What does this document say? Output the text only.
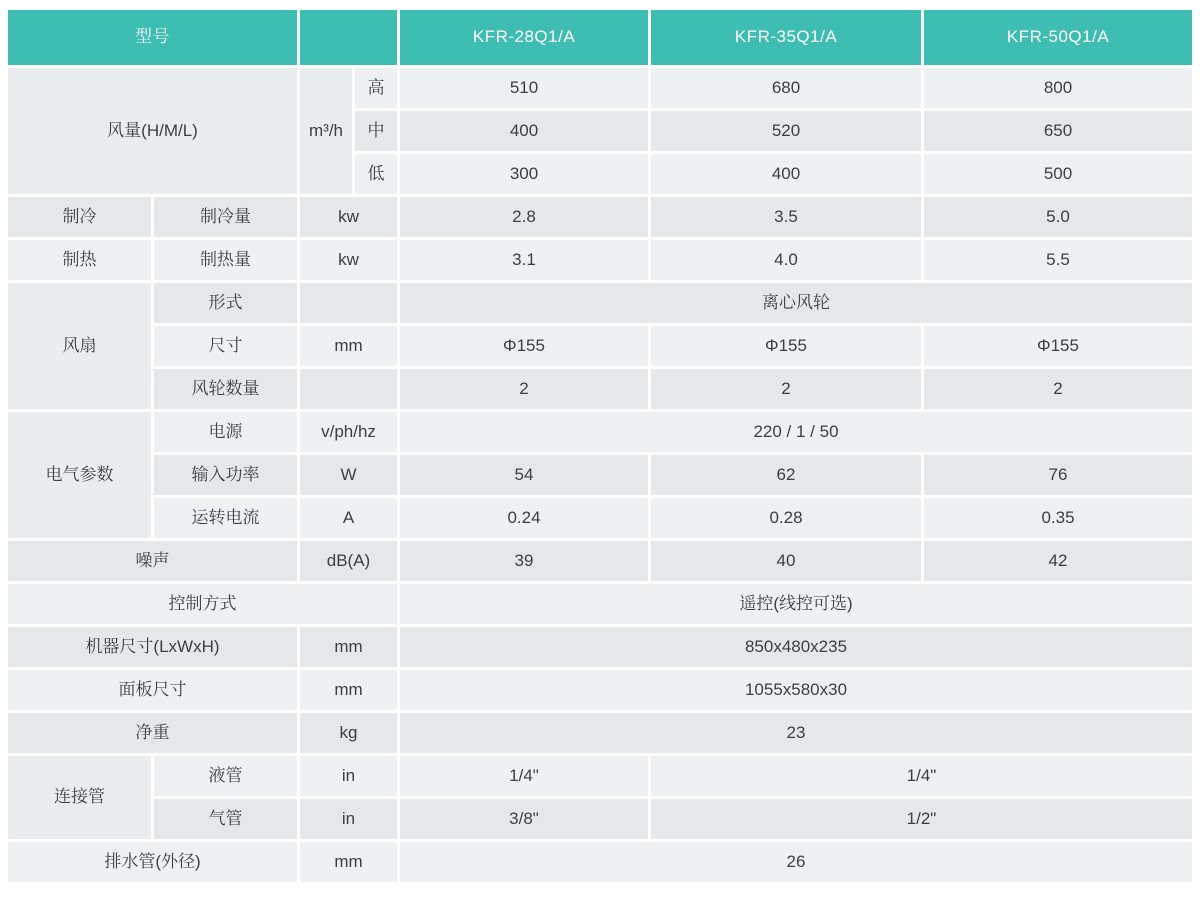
型号				KFR-28Q1/A	KFR-35Q1/A	KFR-50Q1/A
风量(H/M/L)		m³/h	高	510	680	800
			中	400	520	650
			低	300	400	500
制冷	制冷量	kw		2.8	3.5	5.0
制热	制热量	kw		3.1	4.0	5.5
风扇	形式			离心风轮		
	尺寸	mm		Φ155	Φ155	Φ155
	风轮数量			2	2	2
电气参数	电源	v/ph/hz		220 / 1 / 50		
	输入功率	W		54	62	76
	运转电流	A		0.24	0.28	0.35
噪声		dB(A)		39	40	42
控制方式				遥控(线控可选)		
机器尺寸(LxWxH)		mm		850x480x235		
面板尺寸		mm		1055x580x30		
净重		kg		23		
连接管	液管	in		1/4"	1/4"	
	气管	in		3/8"	1/2"	
排水管(外径)		mm		26		
